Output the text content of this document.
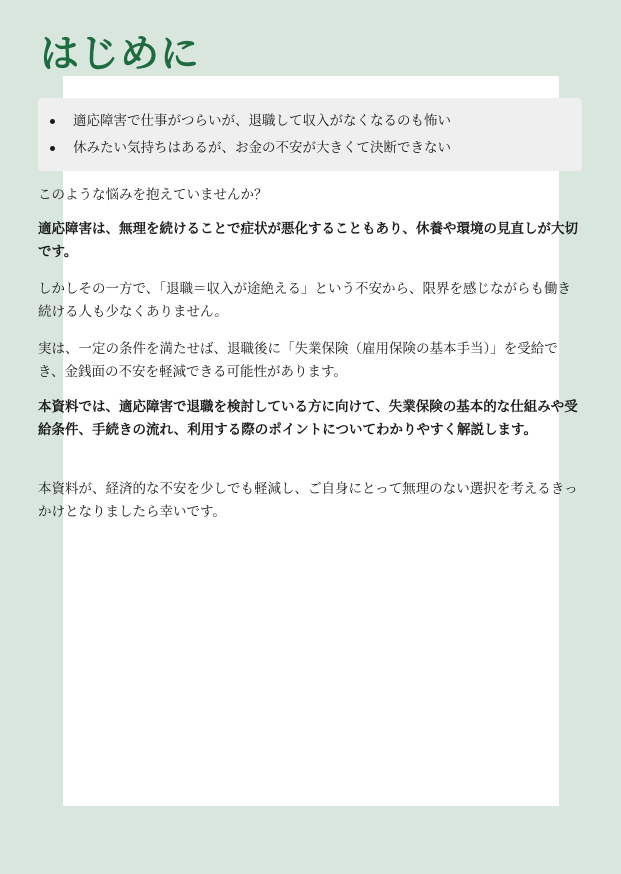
はじめに
適応障害で仕事がつらいが、退職して収入がなくなるのも怖い
休みたい気持ちはあるが、お金の不安が大きくて決断できない

このような悩みを抱えていませんか？

適応障害は、無理を続けることで症状が悪化することもあり、休養や環境の見直しが大切です。

しかしその一方で、「退職＝収入が途絶える」という不安から、限界を感じながらも働き続ける人も少なくありません。

実は、一定の条件を満たせば、退職後に「失業保険（雇用保険の基本手当）」を受給でき、金銭面の不安を軽減できる可能性があります。

本資料では、適応障害で退職を検討している方に向けて、失業保険の基本的な仕組みや受給条件、手続きの流れ、利用する際のポイントについてわかりやすく解説します。

本資料が、経済的な不安を少しでも軽減し、ご自身にとって無理のない選択を考えるきっかけとなりましたら幸いです。
